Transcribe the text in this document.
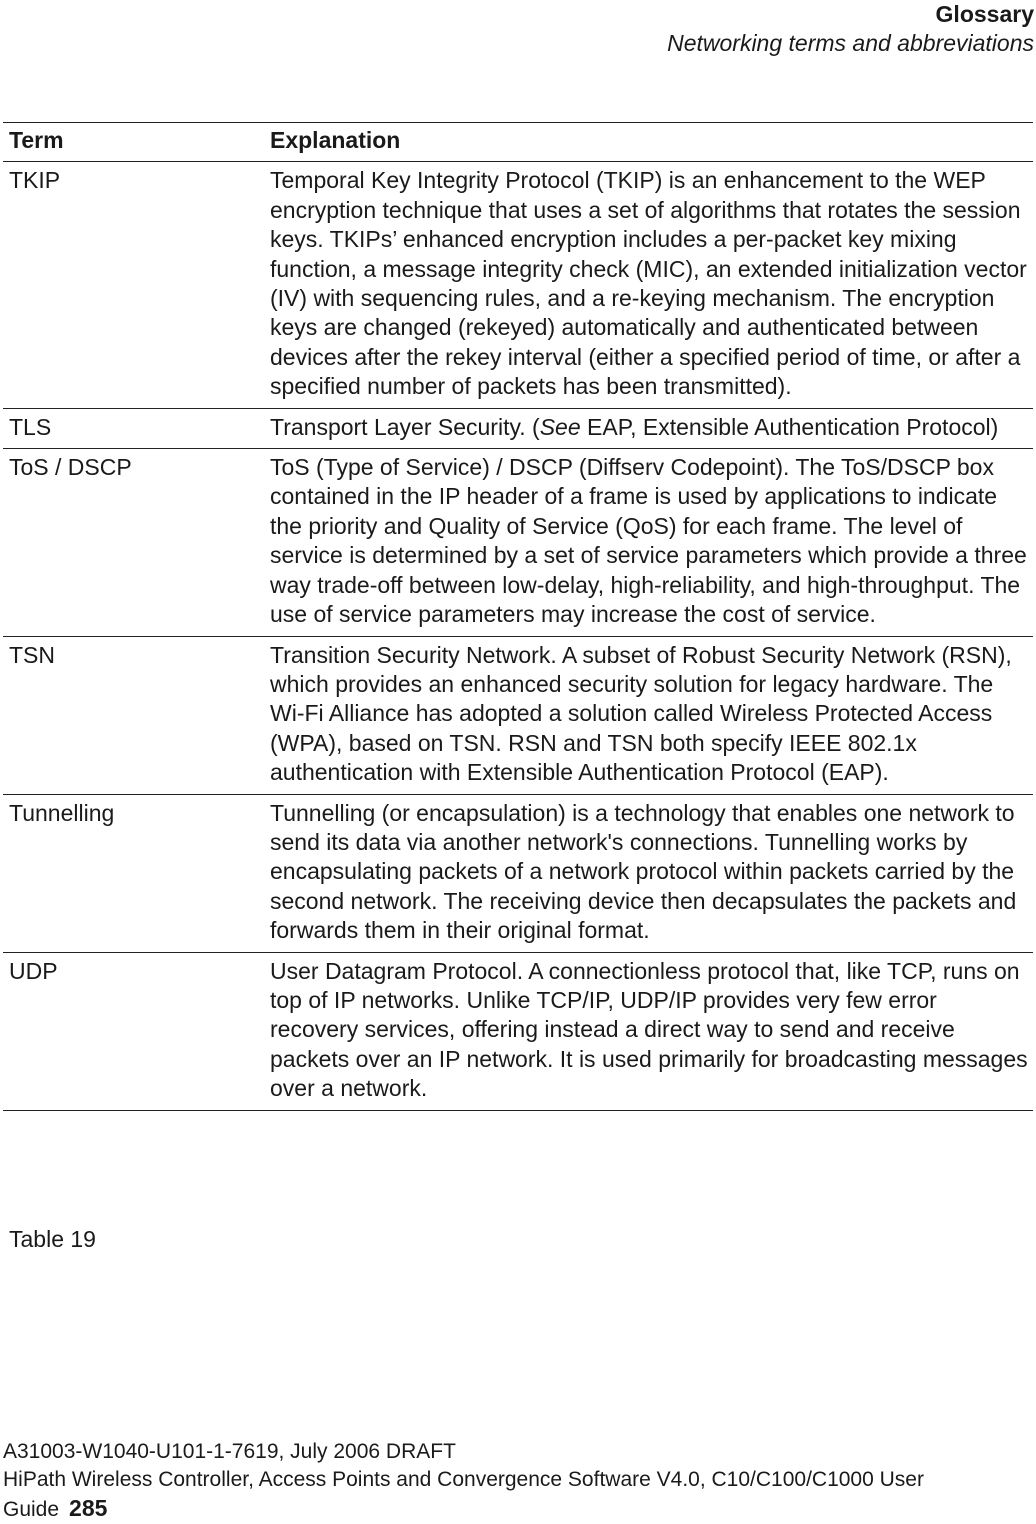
Glossary
Networking terms and abbreviations
Term	Explanation
TKIP	Temporal Key Integrity Protocol (TKIP) is an enhancement to the WEP encryption technique that uses a set of algorithms that rotates the session keys. TKIPs’ enhanced encryption includes a per-packet key mixing function, a message integrity check (MIC), an extended initialization vector (IV) with sequencing rules, and a re-keying mechanism. The encryption keys are changed (rekeyed) automatically and authenticated between devices after the rekey interval (either a specified period of time, or after a specified number of packets has been transmitted).
TLS	Transport Layer Security. (See EAP, Extensible Authentication Protocol)
ToS / DSCP	ToS (Type of Service) / DSCP (Diffserv Codepoint). The ToS/DSCP box contained in the IP header of a frame is used by applications to indicate the priority and Quality of Service (QoS) for each frame. The level of service is determined by a set of service parameters which provide a three way trade-off between low-delay, high-reliability, and high-throughput. The use of service parameters may increase the cost of service.
TSN	Transition Security Network. A subset of Robust Security Network (RSN), which provides an enhanced security solution for legacy hardware. The Wi-Fi Alliance has adopted a solution called Wireless Protected Access (WPA), based on TSN. RSN and TSN both specify IEEE 802.1x authentication with Extensible Authentication Protocol (EAP).
Tunnelling	Tunnelling (or encapsulation) is a technology that enables one network to send its data via another network's connections. Tunnelling works by encapsulating packets of a network protocol within packets carried by the second network. The receiving device then decapsulates the packets and forwards them in their original format.
UDP	User Datagram Protocol. A connectionless protocol that, like TCP, runs on top of IP networks. Unlike TCP/IP, UDP/IP provides very few error recovery services, offering instead a direct way to send and receive packets over an IP network. It is used primarily for broadcasting messages over a network.
Table 19
A31003-W1040-U101-1-7619, July 2006 DRAFT
HiPath Wireless Controller, Access Points and Convergence Software V4.0, C10/C100/C1000 User Guide 285
